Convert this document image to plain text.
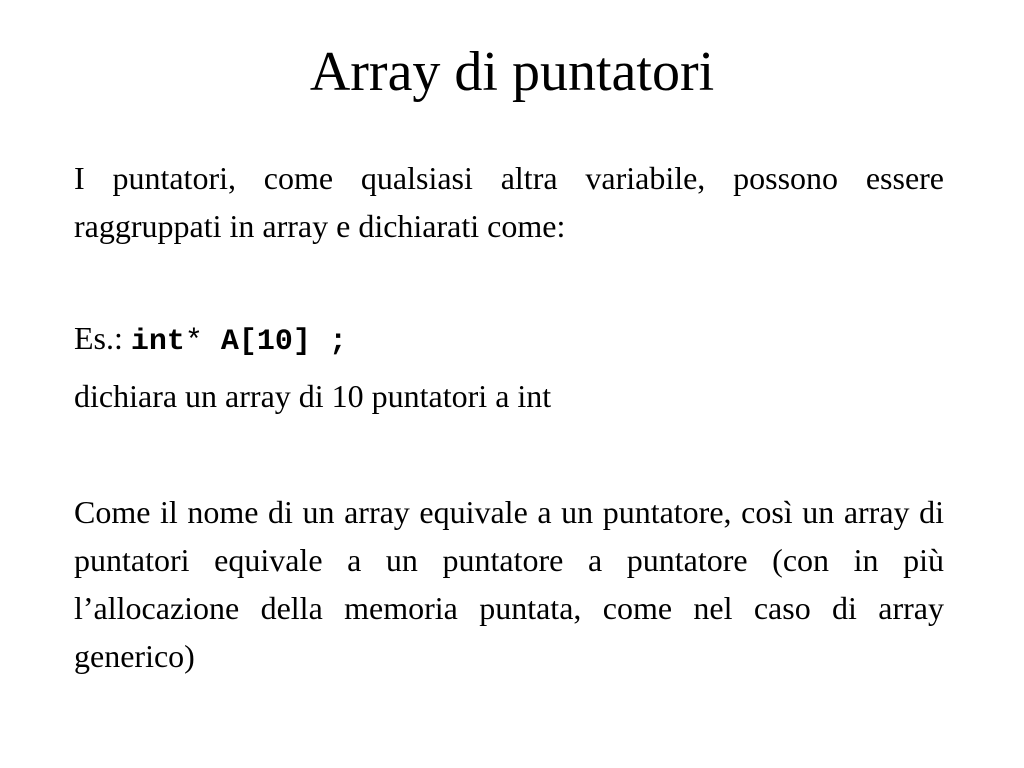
Array di puntatori

I puntatori, come qualsiasi altra variabile, possono essere raggruppati in array e dichiarati come:

Es.: int* A[10] ;

dichiara un array di 10 puntatori a int

Come il nome di un array equivale a un puntatore, così un array di puntatori equivale a un puntatore a puntatore (con in più l’allocazione della memoria puntata, come nel caso di array generico)
